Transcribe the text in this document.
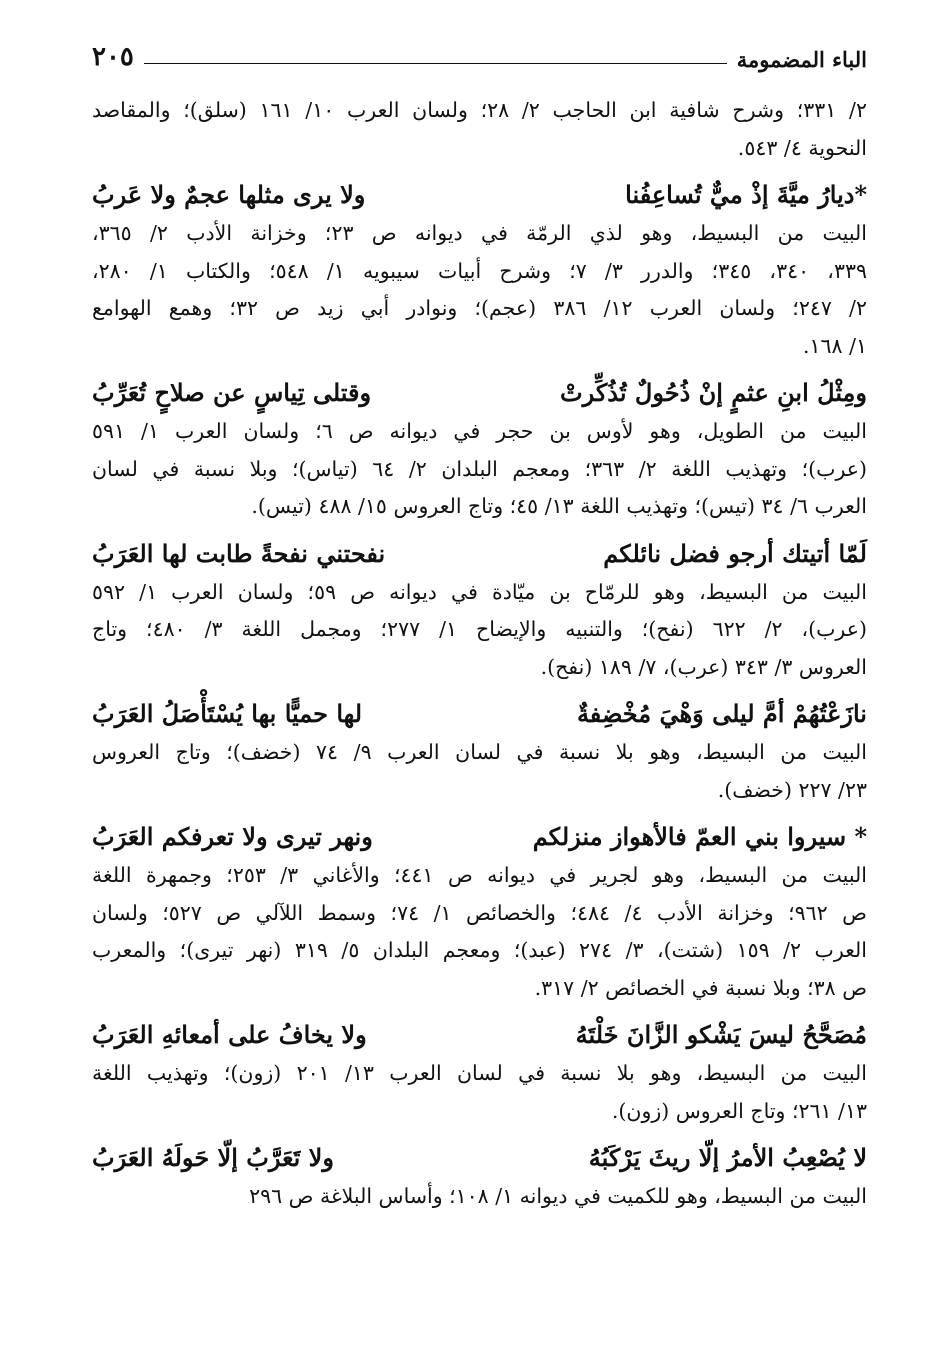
الباء المضمومة
٢٠٥

٢/ ٣٣١؛ وشرح شافية ابن الحاجب ٢/ ٢٨؛ ولسان العرب ١٠/ ١٦١ (سلق)؛ والمقاصد
النحوية ٤/ ٥٤٣.

*ديارُ ميَّةَ إذْ ميٌّ تُساعِفُنا
ولا يرى مثلها عجمٌ ولا عَربُ

البيت من البسيط، وهو لذي الرمّة في ديوانه ص ٢٣؛ وخزانة الأدب ٢/ ٣٦٥،
٣٣٩، ٣٤٠، ٣٤٥؛ والدرر ٣/ ٧؛ وشرح أبيات سيبويه ١/ ٥٤٨؛ والكتاب ١/ ٢٨٠،
٢/ ٢٤٧؛ ولسان العرب ١٢/ ٣٨٦ (عجم)؛ ونوادر أبي زيد ص ٣٢؛ وهمع الهوامع
١/ ١٦٨.

ومِثْلُ ابنِ عثمٍ إنْ ذُحُولٌ تُذُكِّرتْ
وقتلى تِياسٍ عن صلاحٍ تُعَرِّبُ

البيت من الطويل، وهو لأوس بن حجر في ديوانه ص ٦؛ ولسان العرب ١/ ٥٩١
(عرب)؛ وتهذيب اللغة ٢/ ٣٦٣؛ ومعجم البلدان ٢/ ٦٤ (تياس)؛ وبلا نسبة في لسان
العرب ٦/ ٣٤ (تيس)؛ وتهذيب اللغة ١٣/ ٤٥؛ وتاج العروس ١٥/ ٤٨٨ (تيس).

لَمّا أتيتك أرجو فضل نائلكم
نفحتني نفحةً طابت لها العَرَبُ

البيت من البسيط، وهو للرمّاح بن ميّادة في ديوانه ص ٥٩؛ ولسان العرب ١/ ٥٩٢
(عرب)، ٢/ ٦٢٢ (نفح)؛ والتنبيه والإيضاح ١/ ٢٧٧؛ ومجمل اللغة ٣/ ٤٨٠؛ وتاج
العروس ٣/ ٣٤٣ (عرب)، ٧/ ١٨٩ (نفح).

نازَعْتُهُمْ أمَّ ليلى وَهْيَ مُخْضِفةٌ
لها حميًّا بها يُسْتَأْصَلُ العَرَبُ

البيت من البسيط، وهو بلا نسبة في لسان العرب ٩/ ٧٤ (خضف)؛ وتاج العروس
٢٣/ ٢٢٧ (خضف).

* سيروا بني العمّ فالأهواز منزلكم
ونهر تيرى ولا تعرفكم العَرَبُ

البيت من البسيط، وهو لجرير في ديوانه ص ٤٤١؛ والأغاني ٣/ ٢٥٣؛ وجمهرة اللغة
ص ٩٦٢؛ وخزانة الأدب ٤/ ٤٨٤؛ والخصائص ١/ ٧٤؛ وسمط اللآلي ص ٥٢٧؛ ولسان
العرب ٢/ ١٥٩ (شتت)، ٣/ ٢٧٤ (عبد)؛ ومعجم البلدان ٥/ ٣١٩ (نهر تيرى)؛ والمعرب
ص ٣٨؛ وبلا نسبة في الخصائص ٢/ ٣١٧.

مُصَحَّحُ ليسَ يَشْكو الزَّانَ خَلْتَهُ
ولا يخافُ على أمعائهِ العَرَبُ

البيت من البسيط، وهو بلا نسبة في لسان العرب ١٣/ ٢٠١ (زون)؛ وتهذيب اللغة
١٣/ ٢٦١؛ وتاج العروس (زون).

لا يُصْعِبُ الأمرُ إلّا ريثَ يَرْكَبُهُ
ولا تَعَرَّبُ إلّا حَولَهُ العَرَبُ

البيت من البسيط، وهو للكميت في ديوانه ١/ ١٠٨؛ وأساس البلاغة ص ٢٩٦
